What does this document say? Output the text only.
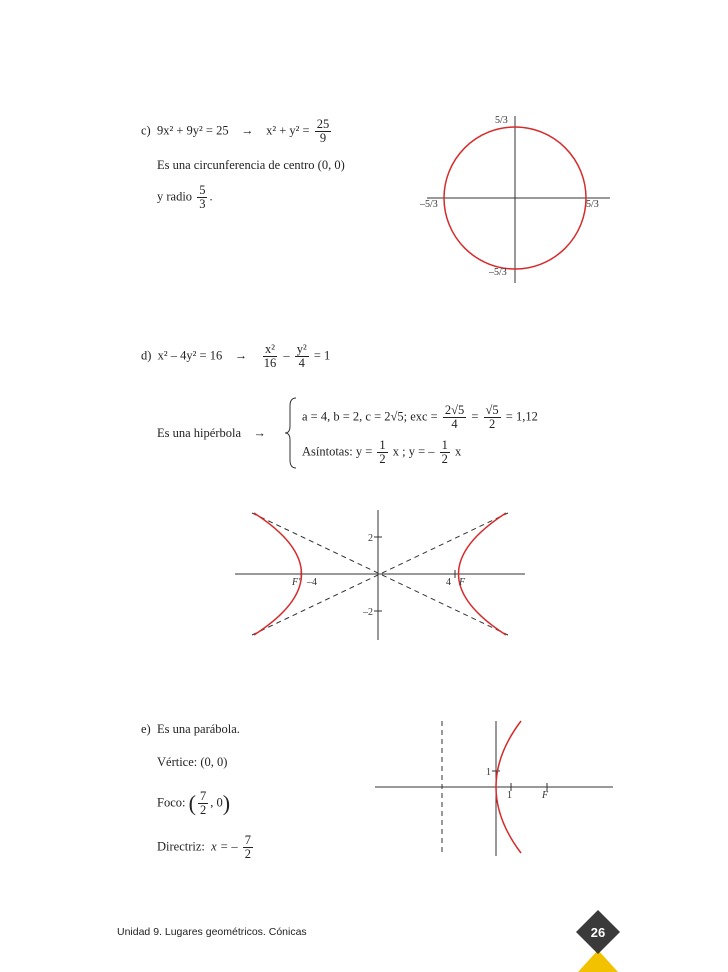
c) $9x^2 + 9y^2 = 25 \to x^2 + y^2 = \frac{25}{9}$
Es una circunferencia de centro (0, 0)
y radio $\frac{5}{3}$ .
5/3
–5/3
–5/3	5/3
d) $x^2 - 4y^2 = 16 \to \frac{\text{x²}}{16} - \frac{\text{y²}}{4} = 1$
Es una hipérbola →
a = 4, b = 2, c = 2√5; exc = $\frac{2√5}{4} = \frac{√5}{2} = 1,12$
Asíntotas: $y = \frac{1}{2}$ x ; y = – $\frac{1}{2}$ x
2
–2
F' –4	4 F
e) Es una parábola.
Vértice: (0, 0)
Foco: ( $\frac{7}{2}$ , 0)
Directriz: x = – $\frac{7}{2}$
1
1	F
Unidad 9. Lugares geométricos. Cónicas	26
